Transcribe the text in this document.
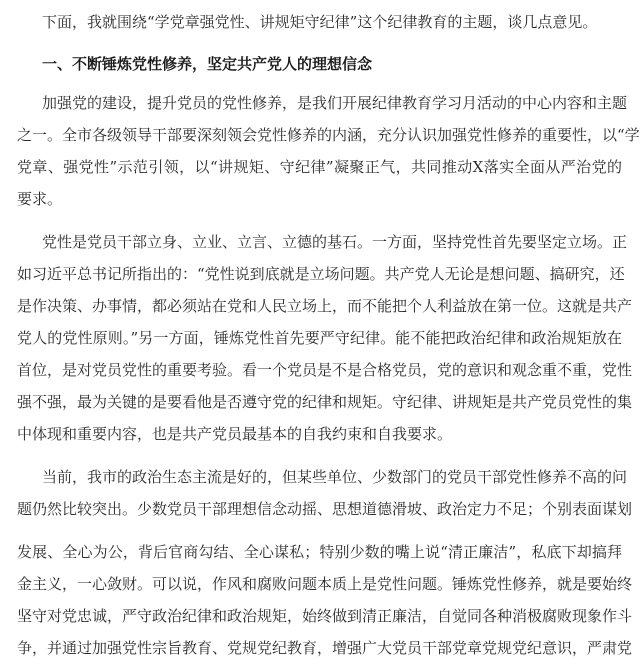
下面，我就围绕“学党章强党性、讲规矩守纪律”这个纪律教育的主题，谈几点意见。
一、不断锤炼党性修养，坚定共产党人的理想信念
加强党的建设，提升党员的党性修养，是我们开展纪律教育学习月活动的中心内容和主题
之一。全市各级领导干部要深刻领会党性修养的内涵，充分认识加强党性修养的重要性，以“学
党章、强党性”示范引领，以“讲规矩、守纪律”凝聚正气，共同推动X落实全面从严治党的
要求。
党性是党员干部立身、立业、立言、立德的基石。一方面，坚持党性首先要坚定立场。正
如习近平总书记所指出的：“党性说到底就是立场问题。共产党人无论是想问题、搞研究，还
是作决策、办事情，都必须站在党和人民立场上，而不能把个人利益放在第一位。这就是共产
党人的党性原则。”另一方面，锤炼党性首先要严守纪律。能不能把政治纪律和政治规矩放在
首位，是对党员党性的重要考验。看一个党员是不是合格党员，党的意识和观念重不重，党性
强不强，最为关键的是要看他是否遵守党的纪律和规矩。守纪律、讲规矩是共产党员党性的集
中体现和重要内容，也是共产党员最基本的自我约束和自我要求。
当前，我市的政治生态主流是好的，但某些单位、少数部门的党员干部党性修养不高的问
题仍然比较突出。少数党员干部理想信念动摇、思想道德滑坡、政治定力不足；个别表面谋划
发展、全心为公，背后官商勾结、全心谋私；特别少数的嘴上说“清正廉洁”，私底下却搞拜
金主义，一心敛财。可以说，作风和腐败问题本质上是党性问题。锤炼党性修养，就是要始终
坚守对党忠诚，严守政治纪律和政治规矩，始终做到清正廉洁，自觉同各种消极腐败现象作斗
争，并通过加强党性宗旨教育、党规党纪教育，增强广大党员干部党章党规党纪意识，严肃党
